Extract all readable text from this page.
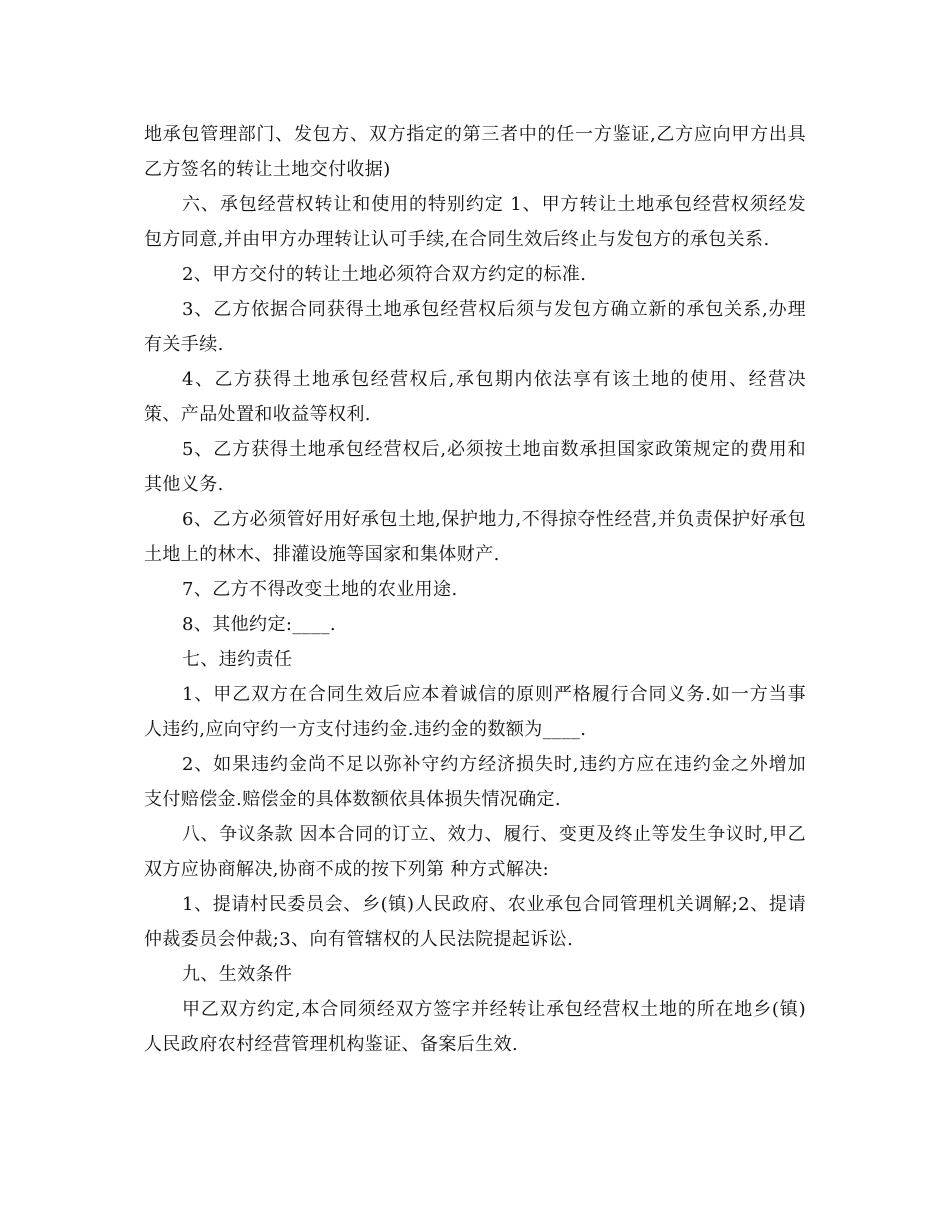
地承包管理部门、发包方、双方指定的第三者中的任一方鉴证,乙方应向甲方出具乙方签名的转让土地交付收据)

六、承包经营权转让和使用的特别约定 1、甲方转让土地承包经营权须经发包方同意,并由甲方办理转让认可手续,在合同生效后终止与发包方的承包关系.

2、甲方交付的转让土地必须符合双方约定的标准.

3、乙方依据合同获得土地承包经营权后须与发包方确立新的承包关系,办理有关手续.

4、乙方获得土地承包经营权后,承包期内依法享有该土地的使用、经营决策、产品处置和收益等权利.

5、乙方获得土地承包经营权后,必须按土地亩数承担国家政策规定的费用和其他义务.

6、乙方必须管好用好承包土地,保护地力,不得掠夺性经营,并负责保护好承包土地上的林木、排灌设施等国家和集体财产.

7、乙方不得改变土地的农业用途.

8、其他约定:____.

七、违约责任

1、甲乙双方在合同生效后应本着诚信的原则严格履行合同义务.如一方当事人违约,应向守约一方支付违约金.违约金的数额为____.

2、如果违约金尚不足以弥补守约方经济损失时,违约方应在违约金之外增加支付赔偿金.赔偿金的具体数额依具体损失情况确定.

八、争议条款 因本合同的订立、效力、履行、变更及终止等发生争议时,甲乙双方应协商解决,协商不成的按下列第 种方式解决:

1、提请村民委员会、乡(镇)人民政府、农业承包合同管理机关调解;2、提请仲裁委员会仲裁;3、向有管辖权的人民法院提起诉讼.

九、生效条件

甲乙双方约定,本合同须经双方签字并经转让承包经营权土地的所在地乡(镇)人民政府农村经营管理机构鉴证、备案后生效.
